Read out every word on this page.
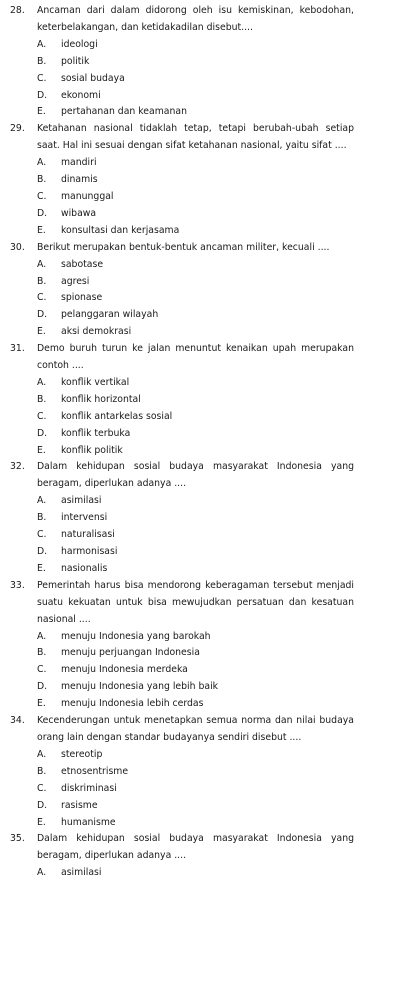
28.	Ancaman dari dalam didorong oleh isu kemiskinan, kebodohan, keterbelakangan, dan ketidakadilan disebut....
A.	ideologi
B.	politik
C.	sosial budaya
D.	ekonomi
E.	pertahanan dan keamanan
29.	Ketahanan nasional tidaklah tetap, tetapi berubah-ubah setiap saat. Hal ini sesuai dengan sifat ketahanan nasional, yaitu sifat ....
A.	mandiri
B.	dinamis
C.	manunggal
D.	wibawa
E.	konsultasi dan kerjasama
30.	Berikut merupakan bentuk-bentuk ancaman militer, kecuali ....
A.	sabotase
B.	agresi
C.	spionase
D.	pelanggaran wilayah
E.	aksi demokrasi
31.	Demo buruh turun ke jalan menuntut kenaikan upah merupakan contoh ....
A.	konflik vertikal
B.	konflik horizontal
C.	konflik antarkelas sosial
D.	konflik terbuka
E.	konflik politik
32.	Dalam kehidupan sosial budaya masyarakat Indonesia yang beragam, diperlukan adanya ....
A.	asimilasi
B.	intervensi
C.	naturalisasi
D.	harmonisasi
E.	nasionalis
33.	Pemerintah harus bisa mendorong keberagaman tersebut menjadi suatu kekuatan untuk bisa mewujudkan persatuan dan kesatuan nasional ....
A.	menuju Indonesia yang barokah
B.	menuju perjuangan Indonesia
C.	menuju Indonesia merdeka
D.	menuju Indonesia yang lebih baik
E.	menuju Indonesia lebih cerdas
34.	Kecenderungan untuk menetapkan semua norma dan nilai budaya orang lain dengan standar budayanya sendiri disebut ....
A.	stereotip
B.	etnosentrisme
C.	diskriminasi
D.	rasisme
E.	humanisme
35.	Dalam kehidupan sosial budaya masyarakat Indonesia yang beragam, diperlukan adanya ....
A.	asimilasi
